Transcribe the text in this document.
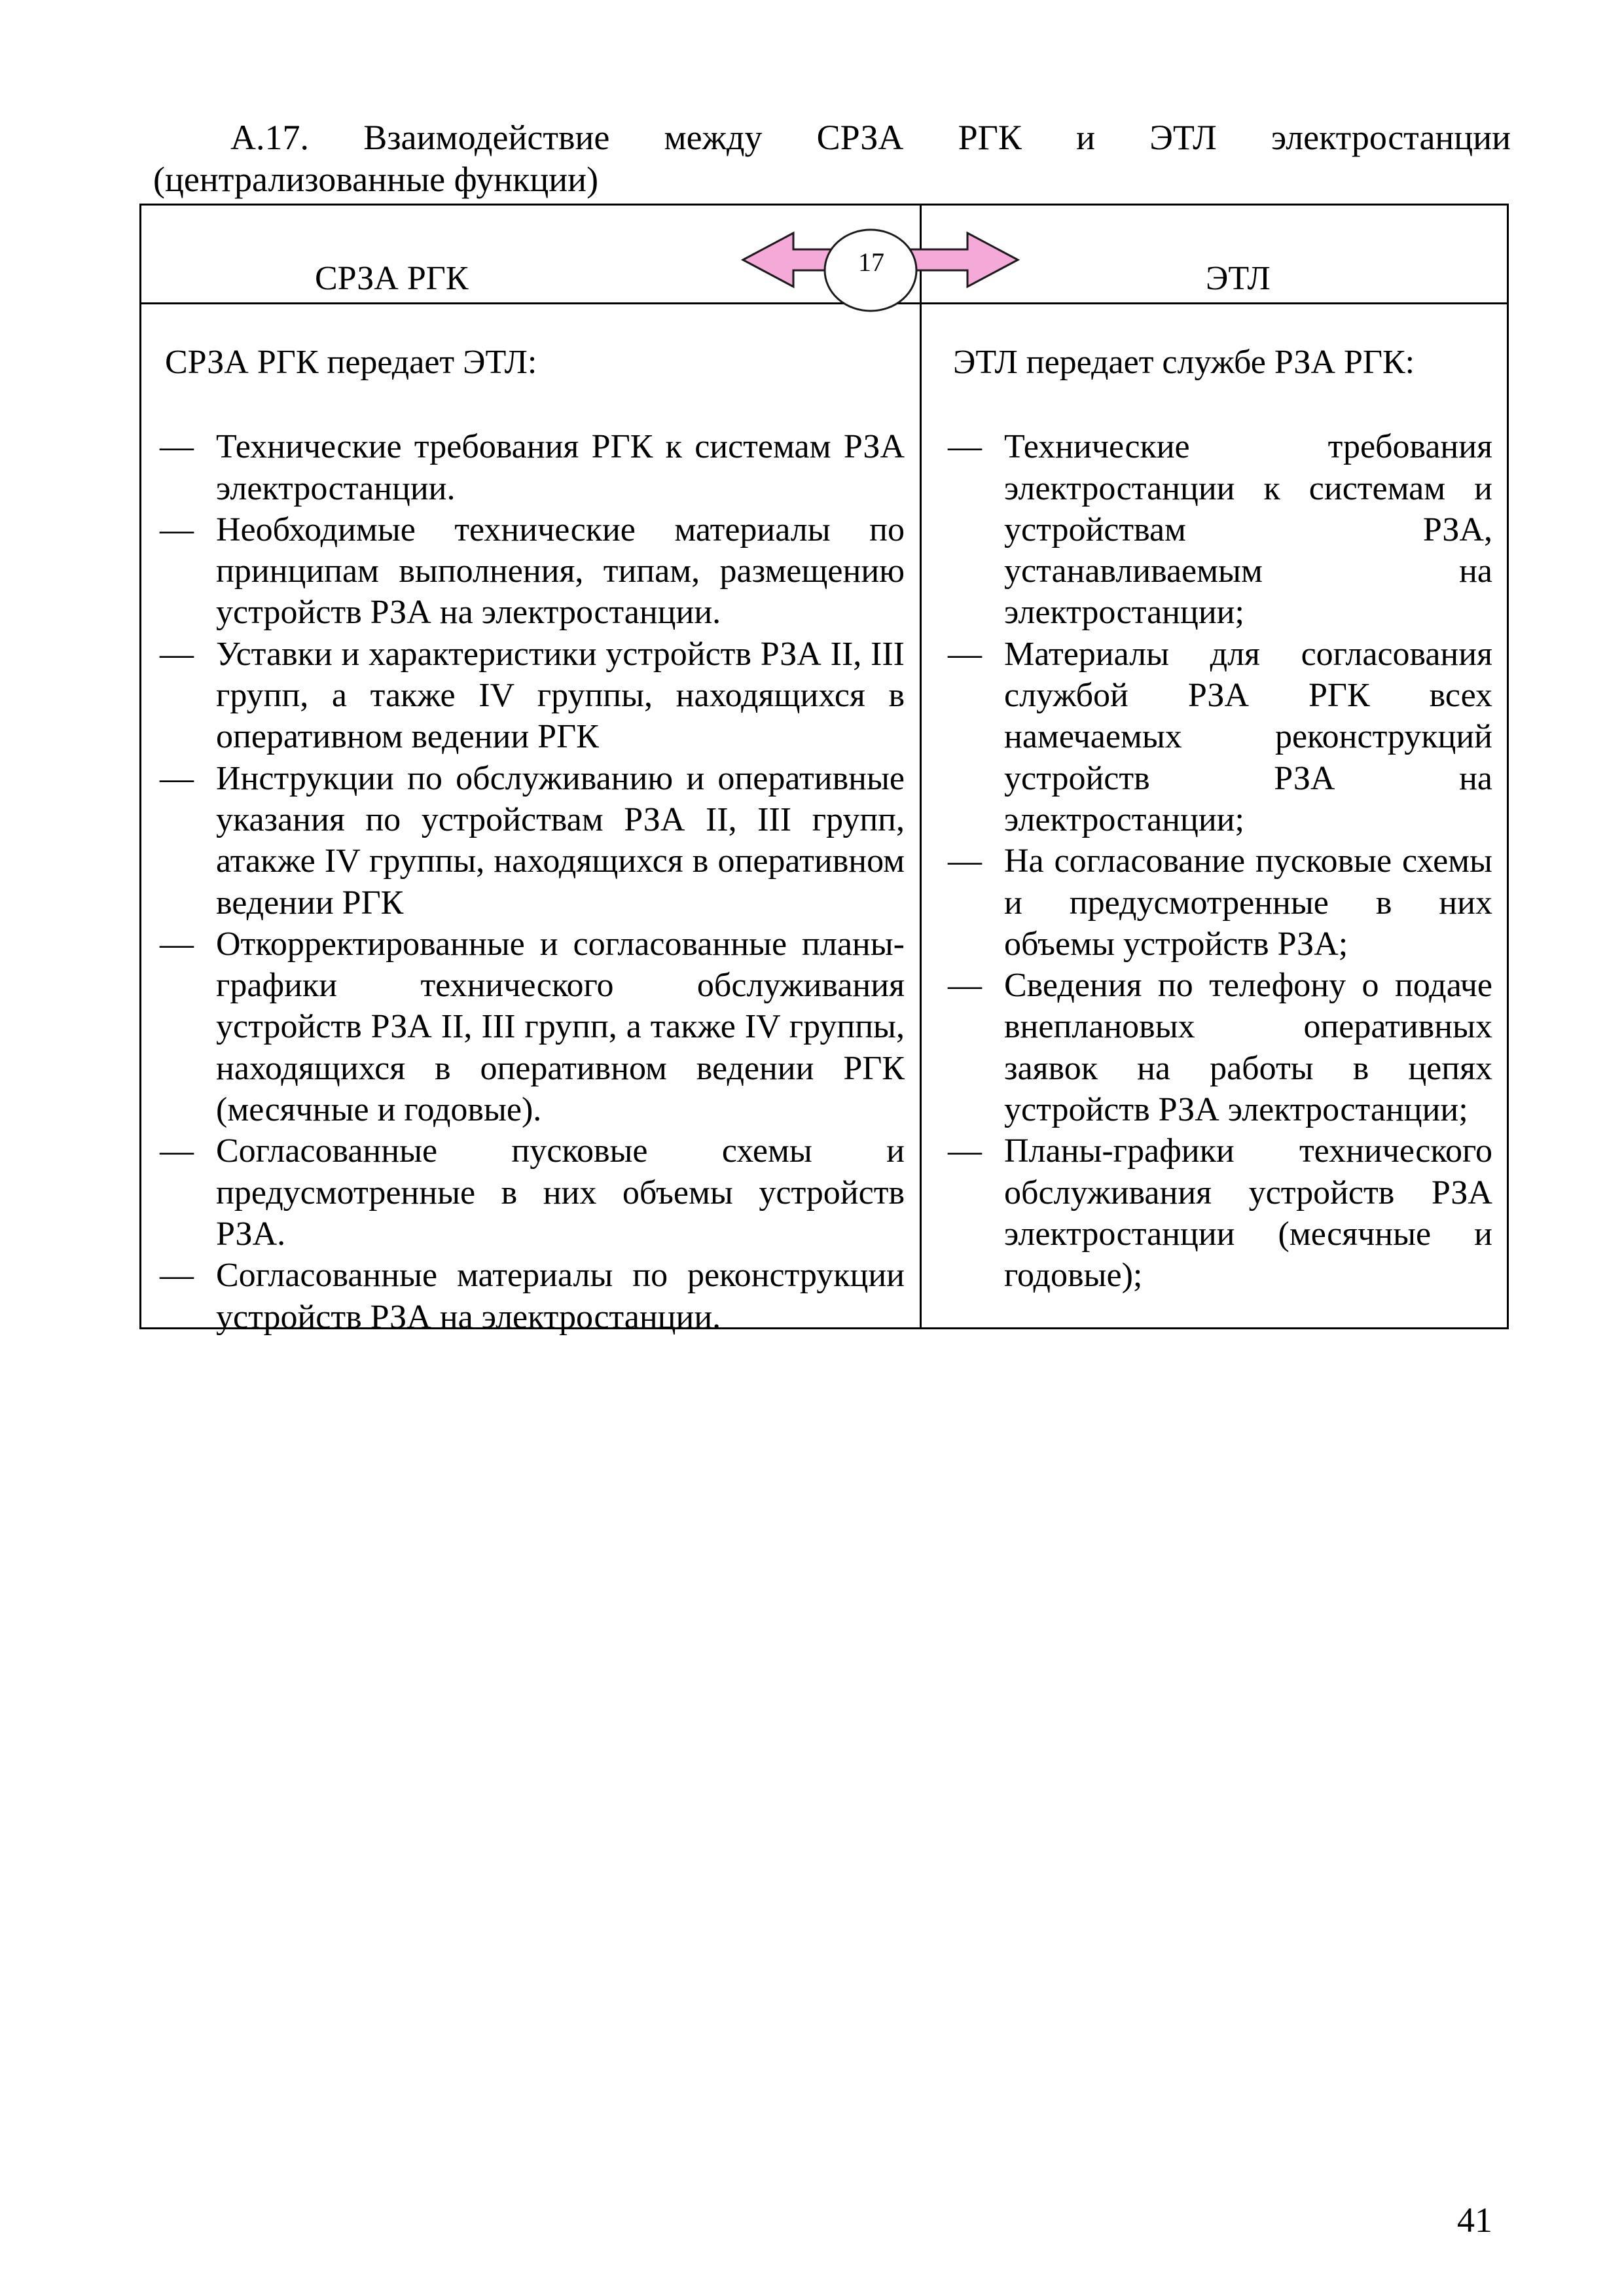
А.17. Взаимодействие между СРЗА РГК и ЭТЛ электростанции
(централизованные функции)
СРЗА РГК	ЭТЛ
17
СРЗА РГК передает ЭТЛ:
— Технические требования РГК к системам РЗА электростанции.
— Необходимые технические материалы по принципам выполнения, типам, размещению устройств РЗА на электростанции.
— Уставки и характеристики устройств РЗА II, III групп, а также IV группы, находящихся в оперативном ведении РГК
— Инструкции по обслуживанию и оперативные указания по устройствам РЗА II, III групп, атакже IV группы, находящихся в оперативном ведении РГК
— Откорректированные и согласованные планы-графики технического обслуживания устройств РЗА II, III групп, а также IV группы, находящихся в оперативном ведении РГК (месячные и годовые).
— Согласованные пусковые схемы и предусмотренные в них объемы устройств РЗА.
— Согласованные материалы по реконструкции устройств РЗА на электростанции.
ЭТЛ передает службе РЗА РГК:
— Технические требования электростанции к системам и устройствам РЗА, устанавливаемым на электростанции;
— Материалы для согласования службой РЗА РГК всех намечаемых реконструкций устройств РЗА на электростанции;
— На согласование пусковые схемы и предусмотренные в них объемы устройств РЗА;
— Сведения по телефону о подаче внеплановых оперативных заявок на работы в цепях устройств РЗА электростанции;
— Планы-графики технического обслуживания устройств РЗА электростанции (месячные и годовые);
41
